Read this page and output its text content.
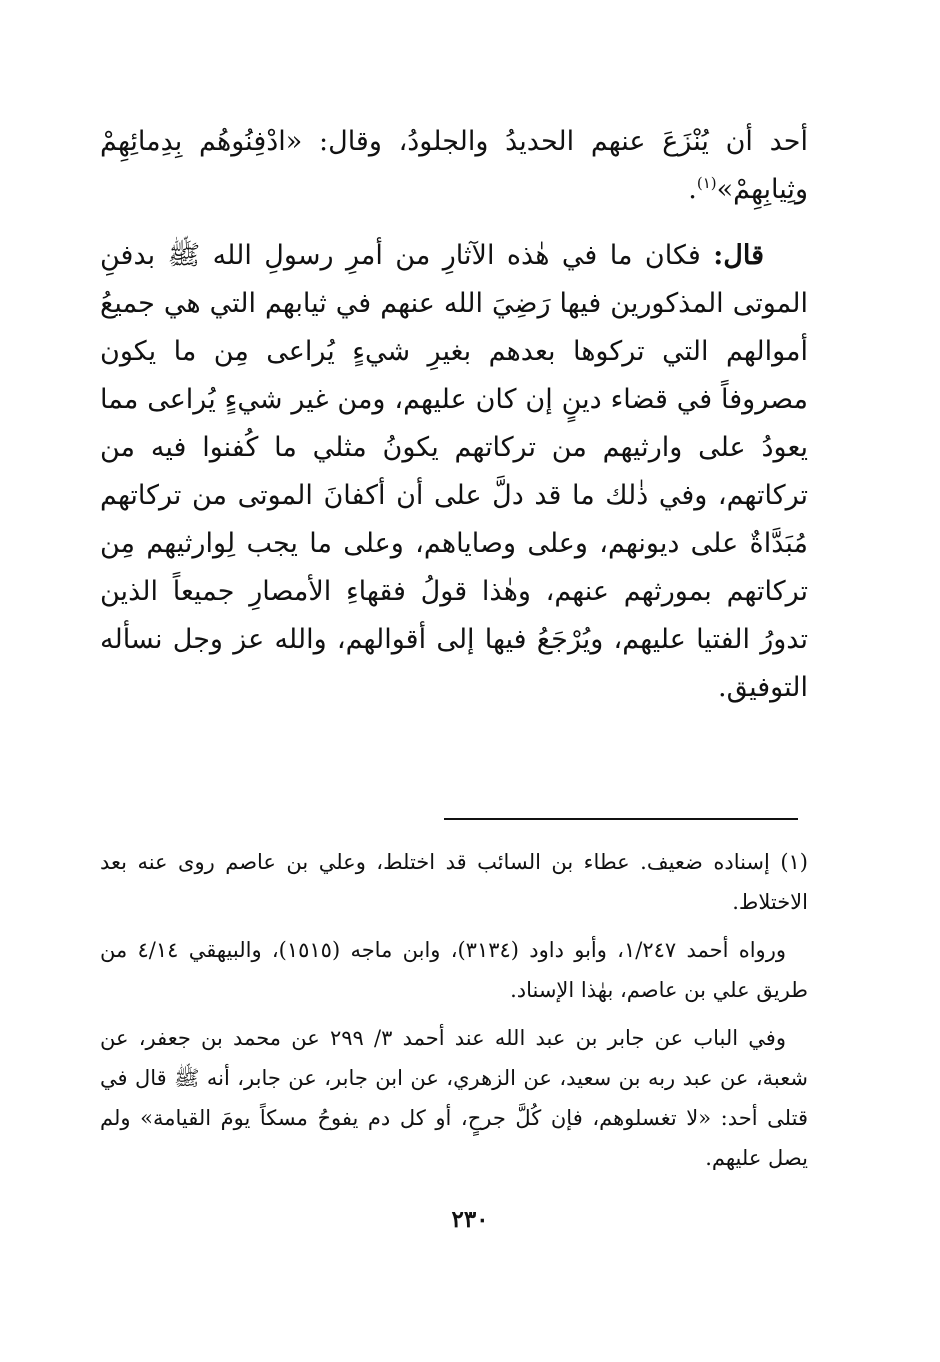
أحد أن يُنْزَعَ عنهم الحديدُ والجلودُ، وقال: «ادْفِنُوهُم بِدِمائِهِمْ وثِيابِهِمْ»$^{(١)}$.

قال: فكان ما في هٰذه الآثارِ من أمرِ رسولِ الله ﷺ بدفنِ الموتى المذكورين فيها رَضِيَ الله عنهم في ثيابهم التي هي جميعُ أموالهم التي تركوها بعدهم بغيرِ شيءٍ يُراعى مِن ما يكون مصروفاً في قضاء دينٍ إن كان عليهم، ومن غير شيءٍ يُراعى مما يعودُ على وارثيهم من تركاتهم يكونُ مثلي ما كُفنوا فيه من تركاتهم، وفي ذٰلك ما قد دلَّ على أن أكفانَ الموتى من تركاتهم مُبَدَّاةٌ على ديونهم، وعلى وصاياهم، وعلى ما يجب لِوارثيهم مِن تركاتهم بمورثهم عنهم، وهٰذا قولُ فقهاءِ الأمصارِ جميعاً الذين تدورُ الفتيا عليهم، ويُرْجَعُ فيها إلى أقوالهم، والله عز وجل نسأله التوفيق.

(١) إسناده ضعيف. عطاء بن السائب قد اختلط، وعلي بن عاصم روى عنه بعد الاختلاط.

ورواه أحمد ١/٢٤٧، وأبو داود (٣١٣٤)، وابن ماجه (١٥١٥)، والبيهقي ٤/١٤ من طريق علي بن عاصم، بهٰذا الإسناد.

وفي الباب عن جابر بن عبد الله عند أحمد ٣/ ٢٩٩ عن محمد بن جعفر، عن شعبة، عن عبد ربه بن سعيد، عن الزهري، عن ابن جابر، عن جابر، أنه ﷺ قال في قتلى أحد: «لا تغسلوهم، فإن كُلَّ جرحٍ، أو كل دم يفوحُ مسكاً يومَ القيامة» ولم يصل عليهم.

٢٣٠
